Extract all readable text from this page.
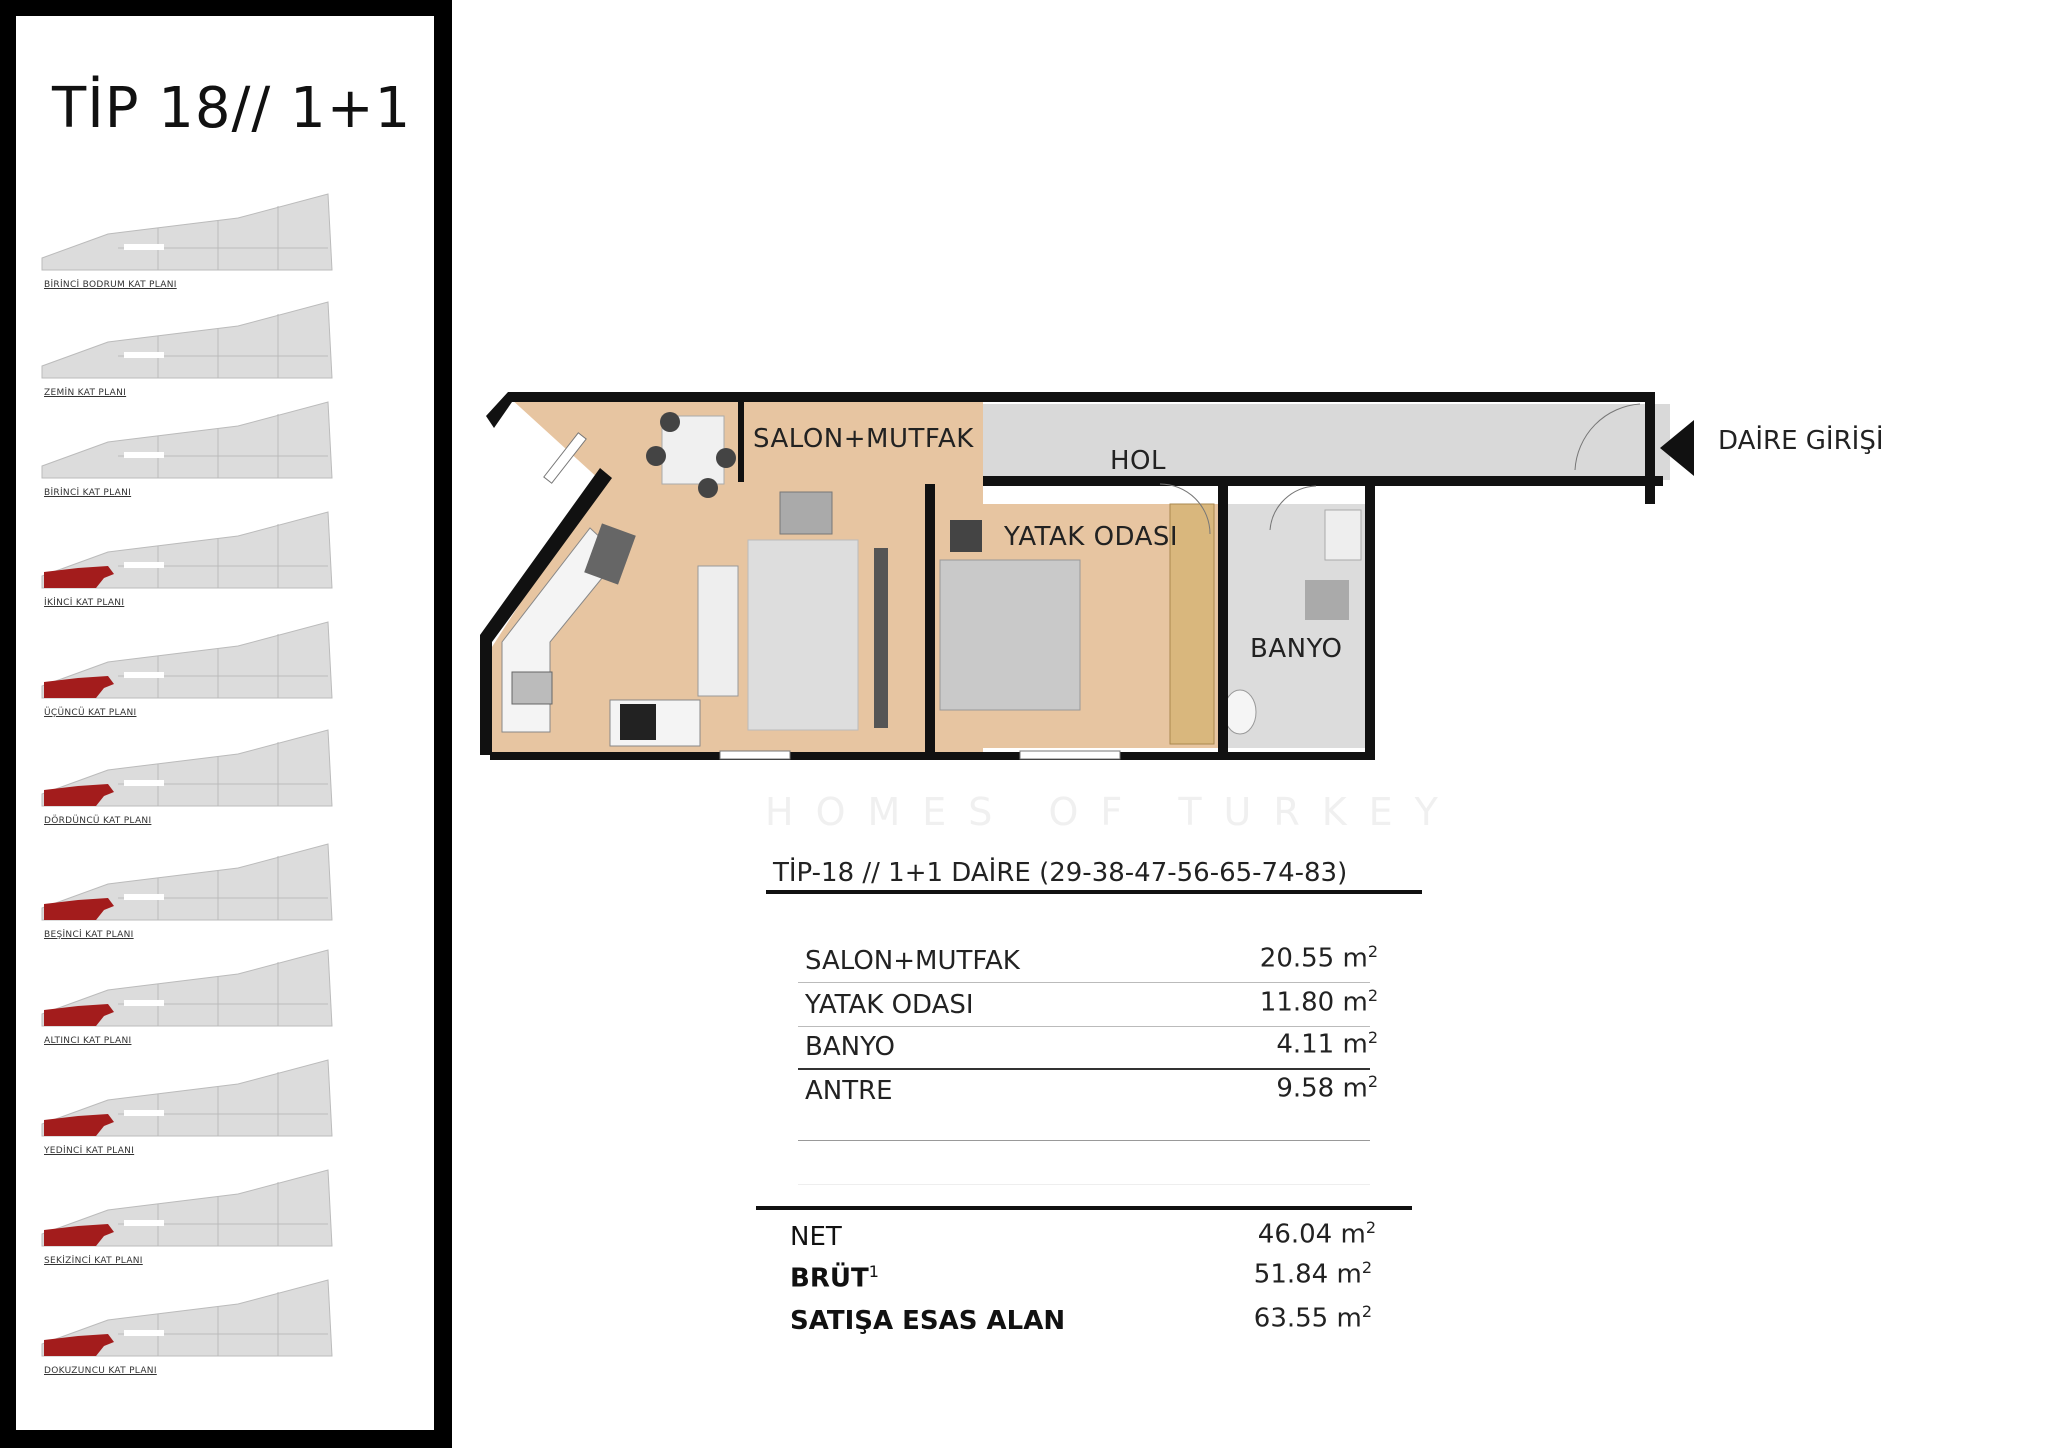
TİP 18// 1+1
BİRİNCİ BODRUM KAT PLANI
ZEMİN KAT PLANI
BİRİNCİ KAT PLANI
İKİNCİ KAT PLANI
ÜÇÜNCÜ KAT PLANI
DÖRDÜNCÜ KAT PLANI
BEŞİNCİ KAT PLANI
ALTINCI KAT PLANI
YEDİNCİ KAT PLANI
SEKİZİNCİ KAT PLANI
DOKUZUNCU KAT PLANI
SALON+MUTFAK
HOL
YATAK ODASI
BANYO
DAİRE GİRİŞİ
HOMES OF TURKEY
TİP-18 // 1+1 DAİRE (29-38-47-56-65-74-83)
SALON+MUTFAK	20.55 $m^2$
YATAK ODASI	11.80 $m^2$
BANYO	4.11 $m^2$
ANTRE	9.58 $m^2$
NET	46.04 $m^2$
BRÜT$^1$	51.84 $m^2$
SATIŞA ESAS ALAN	63.55 $m^2$
